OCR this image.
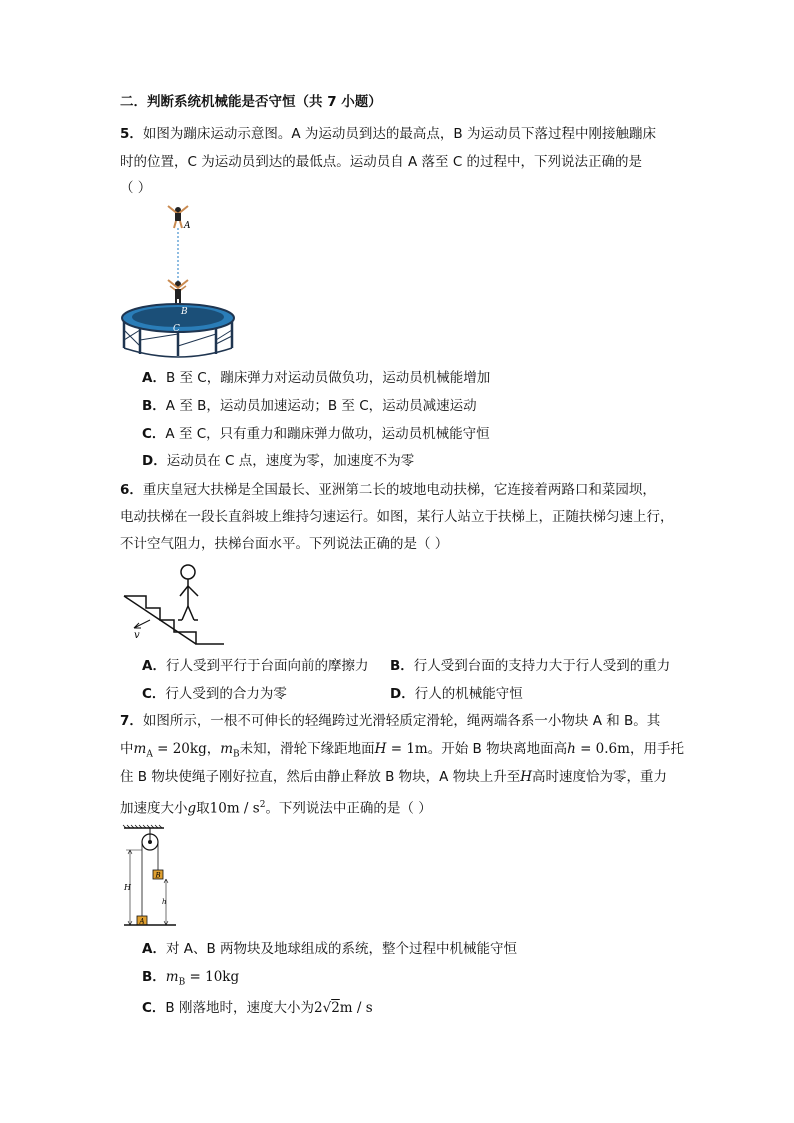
二．判断系统机械能是否守恒（共 7 小题）
5．如图为蹦床运动示意图。A 为运动员到达的最高点，B 为运动员下落过程中刚接触蹦床
时的位置，C 为运动员到达的最低点。运动员自 A 落至 C 的过程中，下列说法正确的是
（ ）
A
B
C
A．B 至 C，蹦床弹力对运动员做负功，运动员机械能增加
B．A 至 B，运动员加速运动；B 至 C，运动员减速运动
C．A 至 C，只有重力和蹦床弹力做功，运动员机械能守恒
D．运动员在 C 点，速度为零，加速度不为零
6．重庆皇冠大扶梯是全国最长、亚洲第二长的坡地电动扶梯，它连接着两路口和菜园坝，
电动扶梯在一段长直斜坡上维持匀速运行。如图，某行人站立于扶梯上，正随扶梯匀速上行，
不计空气阻力，扶梯台面水平。下列说法正确的是（ ）
v
A．行人受到平行于台面向前的摩擦力 B．行人受到台面的支持力大于行人受到的重力
C．行人受到的合力为零	D．行人的机械能守恒
7．如图所示，一根不可伸长的轻绳跨过光滑轻质定滑轮，绳两端各系一小物块 A 和 B。其
中$m_A = 20kg$，$m_B$未知，滑轮下缘距地面H = 1m。开始 B 物块离地面高h = 0.6m，用手托
住 B 物块使绳子刚好拉直，然后由静止释放 B 物块，A 物块上升至H高时速度恰为零，重力
加速度大小g取$10m / s^2$。下列说法中正确的是（ ）
B
A
H
h
A．对 A、B 两物块及地球组成的系统，整个过程中机械能守恒
B．$m_B = 10kg$
C．B 刚落地时，速度大小为2√2m / s
